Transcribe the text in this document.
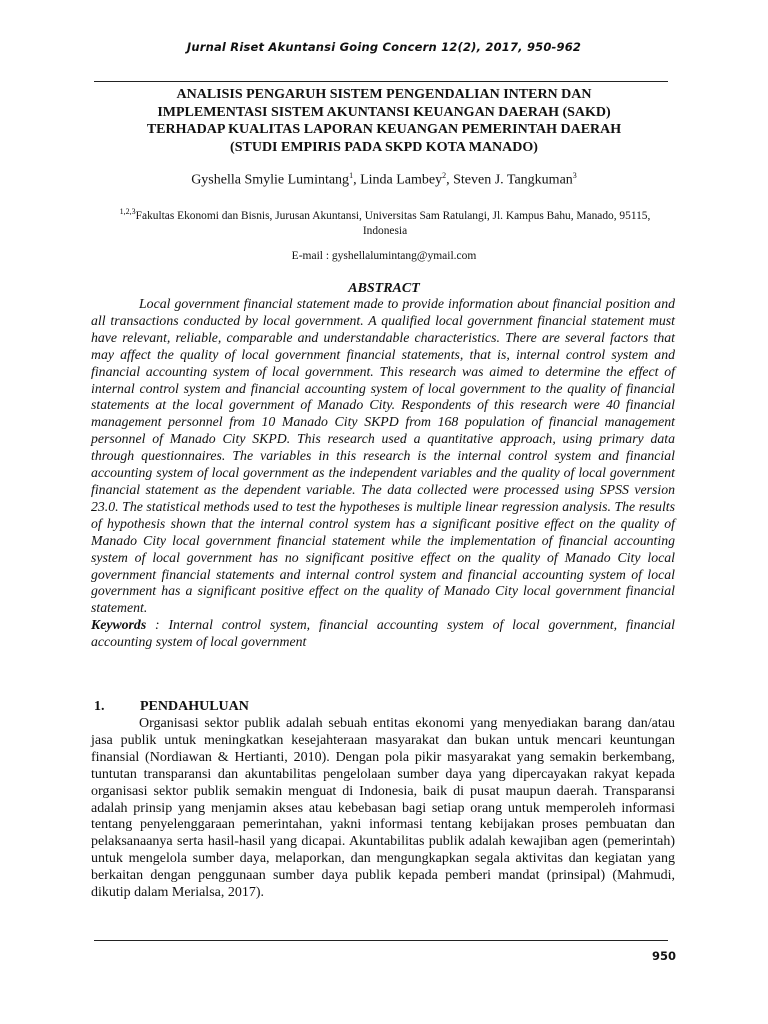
Jurnal Riset Akuntansi Going Concern 12(2), 2017, 950-962
ANALISIS PENGARUH SISTEM PENGENDALIAN INTERN DAN
IMPLEMENTASI SISTEM AKUNTANSI KEUANGAN DAERAH (SAKD)
TERHADAP KUALITAS LAPORAN KEUANGAN PEMERINTAH DAERAH
(STUDI EMPIRIS PADA SKPD KOTA MANADO)
Gyshella Smylie Lumintang$^1$, Linda Lambey$^2$, Steven J. Tangkuman$^3$
$^{1,2,3}$Fakultas Ekonomi dan Bisnis, Jurusan Akuntansi, Universitas Sam Ratulangi, Jl. Kampus Bahu, Manado, 95115, Indonesia
E-mail : gyshellalumintang@ymail.com
ABSTRACT

Local government financial statement made to provide information about financial position and all transactions conducted by local government. A qualified local government financial statement must have relevant, reliable, comparable and understandable characteristics. There are several factors that may affect the quality of local government financial statements, that is, internal control system and financial accounting system of local government. This research was aimed to determine the effect of internal control system and financial accounting system of local government to the quality of financial statements at the local government of Manado City. Respondents of this research were 40 financial management personnel from 10 Manado City SKPD from 168 population of financial management personnel of Manado City SKPD. This research used a quantitative approach, using primary data through questionnaires. The variables in this research is the internal control system and financial accounting system of local government as the independent variables and the quality of local government financial statement as the dependent variable. The data collected were processed using SPSS version 23.0. The statistical methods used to test the hypotheses is multiple linear regression analysis. The results of hypothesis shown that the internal control system has a significant positive effect on the quality of Manado City local government financial statement while the implementation of financial accounting system of local government has no significant positive effect on the quality of Manado City local government financial statements and internal control system and financial accounting system of local government has a significant positive effect on the quality of Manado City local government financial statement.

Keywords : Internal control system, financial accounting system of local government, financial accounting system of local government

1.	PENDAHULUAN

Organisasi sektor publik adalah sebuah entitas ekonomi yang menyediakan barang dan/atau jasa publik untuk meningkatkan kesejahteraan masyarakat dan bukan untuk mencari keuntungan finansial (Nordiawan & Hertianti, 2010). Dengan pola pikir masyarakat yang semakin berkembang, tuntutan transparansi dan akuntabilitas pengelolaan sumber daya yang dipercayakan rakyat kepada organisasi sektor publik semakin menguat di Indonesia, baik di pusat maupun daerah. Transparansi adalah prinsip yang menjamin akses atau kebebasan bagi setiap orang untuk memperoleh informasi tentang penyelenggaraan pemerintahan, yakni informasi tentang kebijakan proses pembuatan dan pelaksanaanya serta hasil-hasil yang dicapai. Akuntabilitas publik adalah kewajiban agen (pemerintah) untuk mengelola sumber daya, melaporkan, dan mengungkapkan segala aktivitas dan kegiatan yang berkaitan dengan penggunaan sumber daya publik kepada pemberi mandat (prinsipal) (Mahmudi, dikutip dalam Merialsa, 2017).

950
